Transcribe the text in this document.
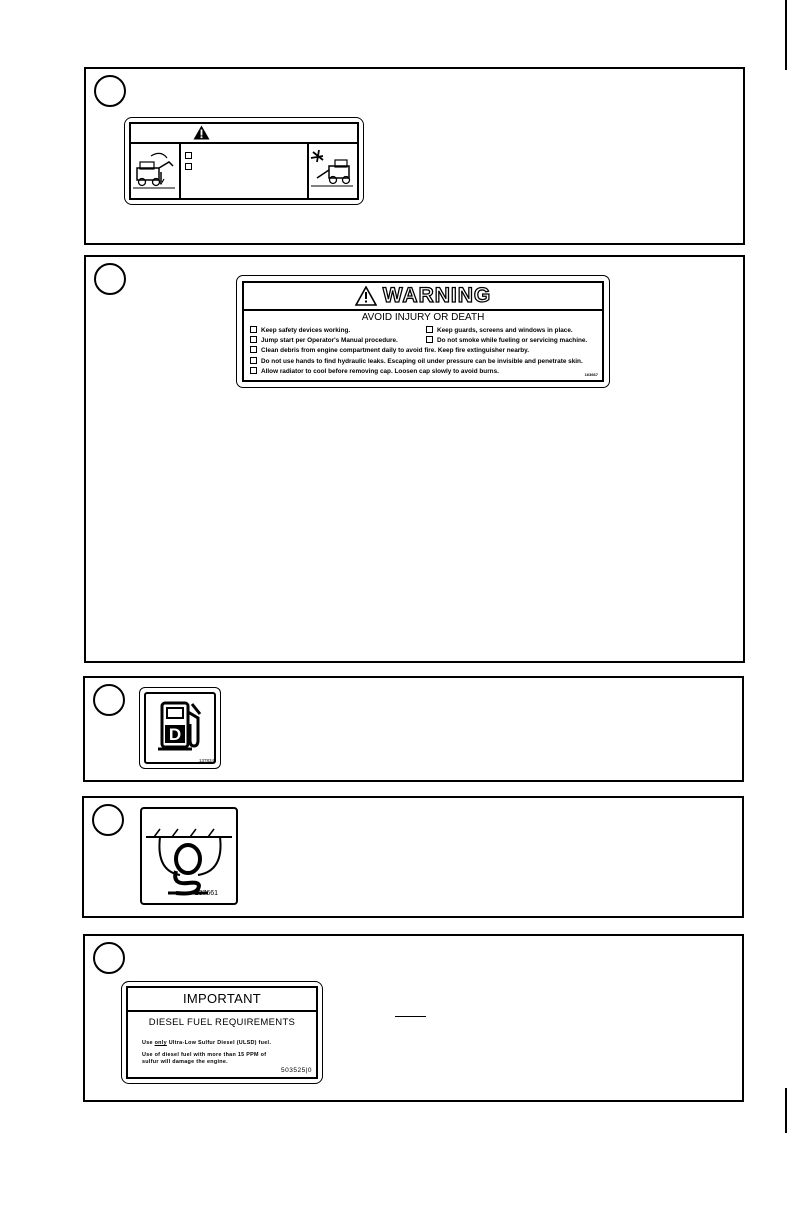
WARNING
AVOID INJURY OR DEATH
Keep safety devices working.	Keep guards, screens and windows in place.
Jump start per Operator's Manual procedure.	Do not smoke while fueling or servicing machine.
Clean debris from engine compartment daily to avoid fire. Keep fire extinguisher nearby.
Do not use hands to find hydraulic leaks. Escaping oil under pressure can be invisible and penetrate skin.
Allow radiator to cool before removing cap. Loosen cap slowly to avoid burns.	163667
D
137834
137661
IMPORTANT
DIESEL FUEL REQUIREMENTS
Use only Ultra-Low Sulfur Diesel (ULSD) fuel.
Use of diesel fuel with more than 15 PPM of
sulfur will damage the engine.
503525|0
